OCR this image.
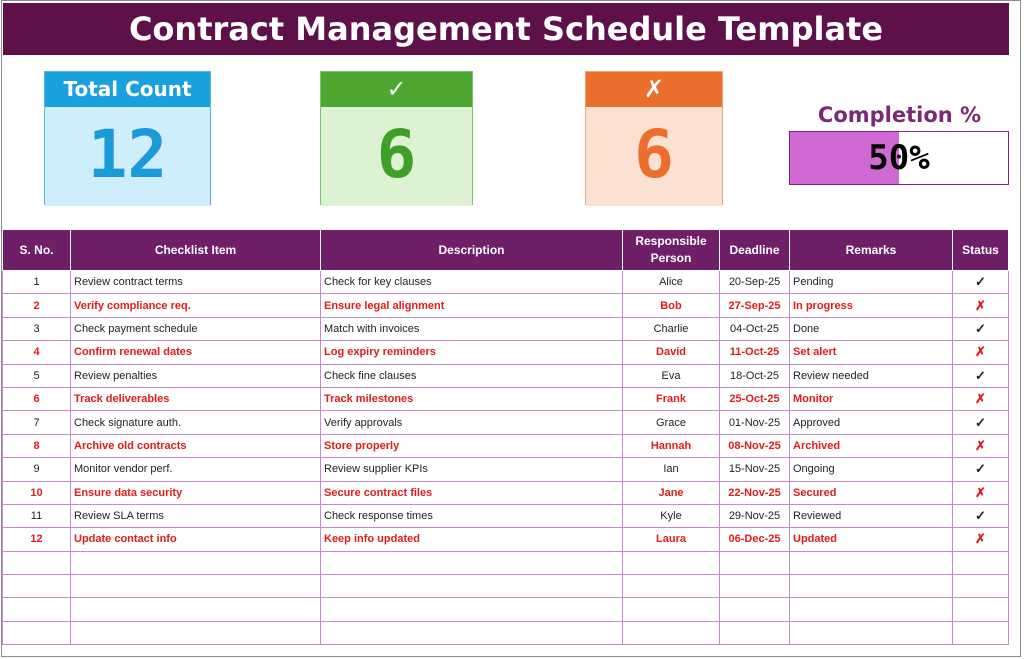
Contract Management Schedule Template
Total Count
12
✓
6
✗
6
Completion %
50%
S. No.	Checklist Item	Description	Responsible Person	Deadline	Remarks	Status
1	Review contract terms	Check for key clauses	Alice	20-Sep-25	Pending	✓
2	Verify compliance req.	Ensure legal alignment	Bob	27-Sep-25	In progress	✗
3	Check payment schedule	Match with invoices	Charlie	04-Oct-25	Done	✓
4	Confirm renewal dates	Log expiry reminders	David	11-Oct-25	Set alert	✗
5	Review penalties	Check fine clauses	Eva	18-Oct-25	Review needed	✓
6	Track deliverables	Track milestones	Frank	25-Oct-25	Monitor	✗
7	Check signature auth.	Verify approvals	Grace	01-Nov-25	Approved	✓
8	Archive old contracts	Store properly	Hannah	08-Nov-25	Archived	✗
9	Monitor vendor perf.	Review supplier KPIs	Ian	15-Nov-25	Ongoing	✓
10	Ensure data security	Secure contract files	Jane	22-Nov-25	Secured	✗
11	Review SLA terms	Check response times	Kyle	29-Nov-25	Reviewed	✓
12	Update contact info	Keep info updated	Laura	06-Dec-25	Updated	✗
